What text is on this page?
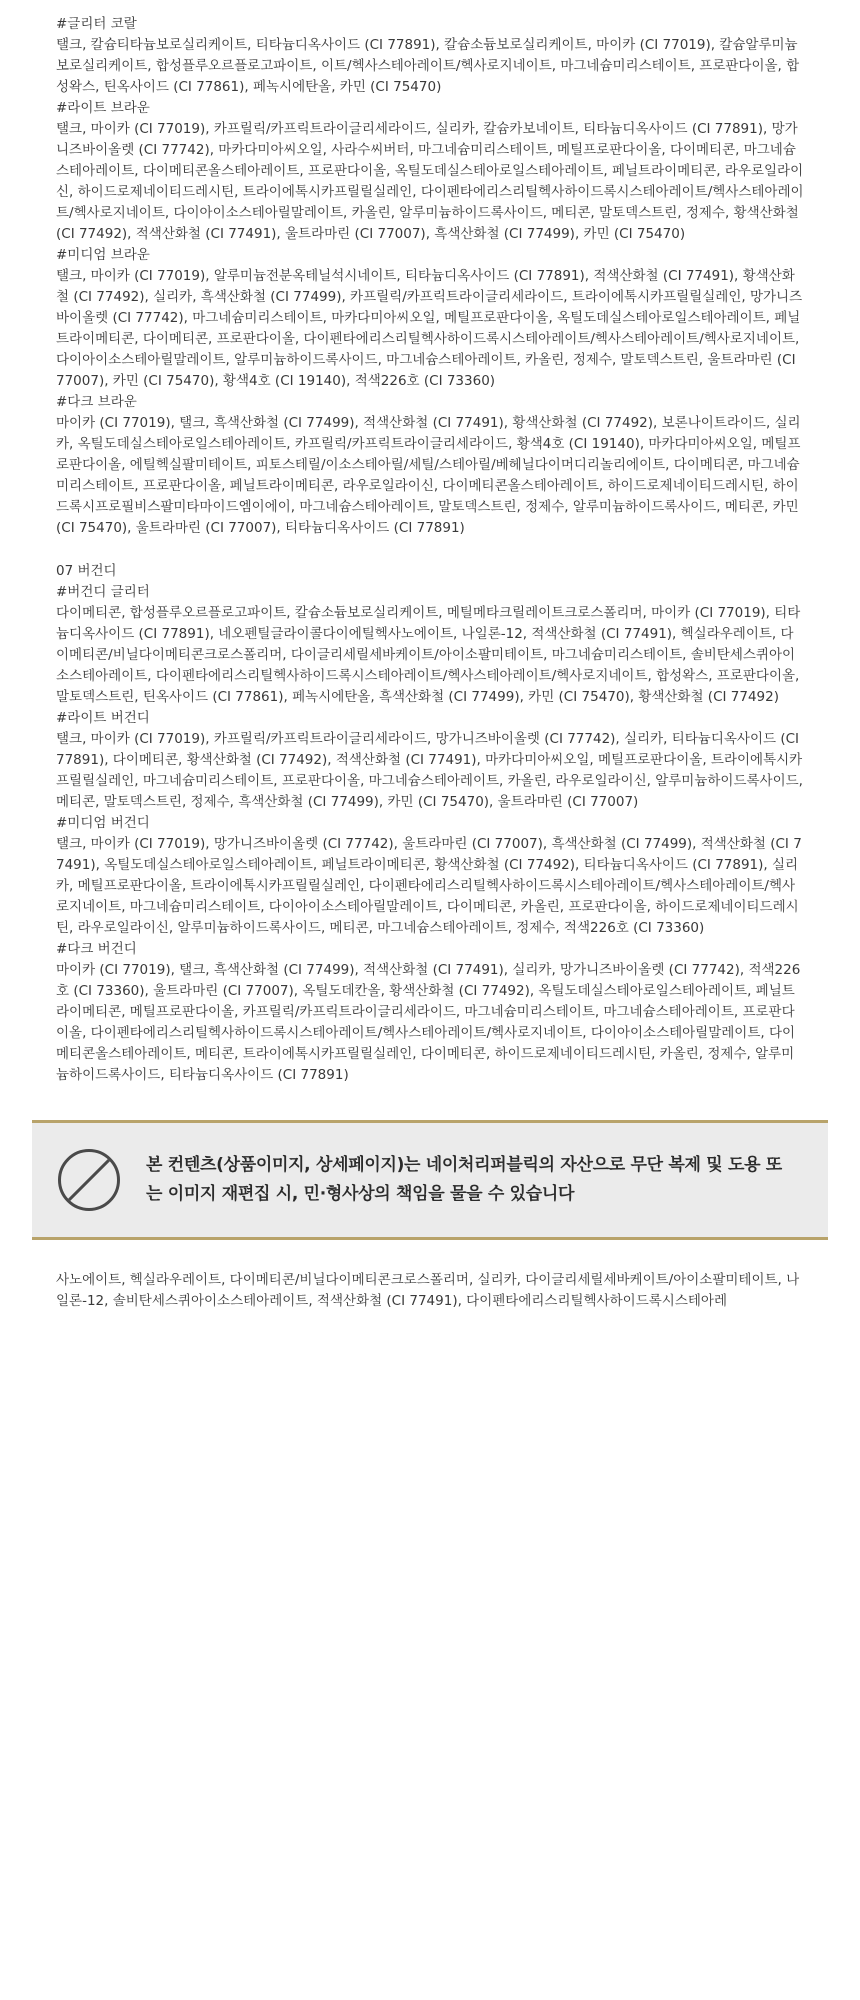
#글리터 코랄
탤크, 칼슘티타늄보로실리케이트, 티타늄디옥사이드 (CI 77891), 칼슘소듐보로실리케이트, 마이카 (CI 77019), 칼슘알루미늄보로실리케이트, 합성플루오르플로고파이트, 이트/헥사스테아레이트/헥사로지네이트, 마그네슘미리스테이트, 프로판다이올, 합성왁스, 틴옥사이드 (CI 77861), 페녹시에탄올, 카민 (CI 75470)
#라이트 브라운
탤크, 마이카 (CI 77019), 카프릴릭/카프릭트라이글리세라이드, 실리카, 칼슘카보네이트, 티타늄디옥사이드 (CI 77891), 망가니즈바이올렛 (CI 77742), 마카다미아씨오일, 사라수씨버터, 마그네슘미리스테이트, 메틸프로판다이올, 다이메티콘, 마그네슘스테아레이트, 다이메티콘올스테아레이트, 프로판다이올, 옥틸도데실스테아로일스테아레이트, 페닐트라이메티콘, 라우로일라이신, 하이드로제네이티드레시틴, 트라이에톡시카프릴릴실레인, 다이펜타에리스리틸헥사하이드록시스테아레이트/헥사스테아레이트/헥사로지네이트, 다이아이소스테아릴말레이트, 카올린, 알루미늄하이드록사이드, 메티콘, 말토덱스트린, 정제수, 황색산화철 (CI 77492), 적색산화철 (CI 77491), 울트라마린 (CI 77007), 흑색산화철 (CI 77499), 카민 (CI 75470)
#미디엄 브라운
탤크, 마이카 (CI 77019), 알루미늄전분옥테닐석시네이트, 티타늄디옥사이드 (CI 77891), 적색산화철 (CI 77491), 황색산화철 (CI 77492), 실리카, 흑색산화철 (CI 77499), 카프릴릭/카프릭트라이글리세라이드, 트라이에톡시카프릴릴실레인, 망가니즈바이올렛 (CI 77742), 마그네슘미리스테이트, 마카다미아씨오일, 메틸프로판다이올, 옥틸도데실스테아로일스테아레이트, 페닐트라이메티콘, 다이메티콘, 프로판다이올, 다이펜타에리스리틸헥사하이드록시스테아레이트/헥사스테아레이트/헥사로지네이트, 다이아이소스테아릴말레이트, 알루미늄하이드록사이드, 마그네슘스테아레이트, 카올린, 정제수, 말토덱스트린, 울트라마린 (CI 77007), 카민 (CI 75470), 황색4호 (CI 19140), 적색226호 (CI 73360)
#다크 브라운
마이카 (CI 77019), 탤크, 흑색산화철 (CI 77499), 적색산화철 (CI 77491), 황색산화철 (CI 77492), 보론나이트라이드, 실리카, 옥틸도데실스테아로일스테아레이트, 카프릴릭/카프릭트라이글리세라이드, 황색4호 (CI 19140), 마카다미아씨오일, 메틸프로판다이올, 에틸헥실팔미테이트, 피토스테릴/이소스테아릴/세틸/스테아릴/베헤닐다이머디리놀리에이트, 다이메티콘, 마그네슘미리스테이트, 프로판다이올, 페닐트라이메티콘, 라우로일라이신, 다이메티콘올스테아레이트, 하이드로제네이티드레시틴, 하이드록시프로필비스팔미타마이드엠이에이, 마그네슘스테아레이트, 말토덱스트린, 정제수, 알루미늄하이드록사이드, 메티콘, 카민 (CI 75470), 울트라마린 (CI 77007), 티타늄디옥사이드 (CI 77891)
07 버건디
#버건디 글리터
다이메티콘, 합성플루오르플로고파이트, 칼슘소듐보로실리케이트, 메틸메타크릴레이트크로스폴리머, 마이카 (CI 77019), 티타늄디옥사이드 (CI 77891), 네오펜틸글라이콜다이에틸헥사노에이트, 나일론-12, 적색산화철 (CI 77491), 헥실라우레이트, 다이메티콘/비닐다이메티콘크로스폴리머, 다이글리세릴세바케이트/아이소팔미테이트, 마그네슘미리스테이트, 솔비탄세스퀴아이소스테아레이트, 다이펜타에리스리틸헥사하이드록시스테아레이트/헥사스테아레이트/헥사로지네이트, 합성왁스, 프로판다이올, 말토덱스트린, 틴옥사이드 (CI 77861), 페녹시에탄올, 흑색산화철 (CI 77499), 카민 (CI 75470), 황색산화철 (CI 77492)
#라이트 버건디
탤크, 마이카 (CI 77019), 카프릴릭/카프릭트라이글리세라이드, 망가니즈바이올렛 (CI 77742), 실리카, 티타늄디옥사이드 (CI 77891), 다이메티콘, 황색산화철 (CI 77492), 적색산화철 (CI 77491), 마카다미아씨오일, 메틸프로판다이올, 트라이에톡시카프릴릴실레인, 마그네슘미리스테이트, 프로판다이올, 마그네슘스테아레이트, 카올린, 라우로일라이신, 알루미늄하이드록사이드, 메티콘, 말토덱스트린, 정제수, 흑색산화철 (CI 77499), 카민 (CI 75470), 울트라마린 (CI 77007)
#미디엄 버건디
탤크, 마이카 (CI 77019), 망가니즈바이올렛 (CI 77742), 울트라마린 (CI 77007), 흑색산화철 (CI 77499), 적색산화철 (CI 77491), 옥틸도데실스테아로일스테아레이트, 페닐트라이메티콘, 황색산화철 (CI 77492), 티타늄디옥사이드 (CI 77891), 실리카, 메틸프로판다이올, 트라이에톡시카프릴릴실레인, 다이펜타에리스리틸헥사하이드록시스테아레이트/헥사스테아레이트/헥사로지네이트, 마그네슘미리스테이트, 다이아이소스테아릴말레이트, 다이메티콘, 카올린, 프로판다이올, 하이드로제네이티드레시틴, 라우로일라이신, 알루미늄하이드록사이드, 메티콘, 마그네슘스테아레이트, 정제수, 적색226호 (CI 73360)
#다크 버건디
마이카 (CI 77019), 탤크, 흑색산화철 (CI 77499), 적색산화철 (CI 77491), 실리카, 망가니즈바이올렛 (CI 77742), 적색226호 (CI 73360), 울트라마린 (CI 77007), 옥틸도데칸올, 황색산화철 (CI 77492), 옥틸도데실스테아로일스테아레이트, 페닐트라이메티콘, 메틸프로판다이올, 카프릴릭/카프릭트라이글리세라이드, 마그네슘미리스테이트, 마그네슘스테아레이트, 프로판다이올, 다이펜타에리스리틸헥사하이드록시스테아레이트/헥사스테아레이트/헥사로지네이트, 다이아이소스테아릴말레이트, 다이메티콘올스테아레이트, 메티콘, 트라이에톡시카프릴릴실레인, 다이메티콘, 하이드로제네이티드레시틴, 카올린, 정제수, 알루미늄하이드록사이드, 티타늄디옥사이드 (CI 77891)
본 컨텐츠(상품이미지, 상세페이지)는 네이처리퍼블릭의 자산으로 무단 복제 및 도용 또는 이미지 재편집 시, 민·형사상의 책임을 물을 수 있습니다
사노에이트, 헥실라우레이트, 다이메티콘/비닐다이메티콘크로스폴리머, 실리카, 다이글리세릴세바케이트/아이소팔미테이트, 나일론-12, 솔비탄세스퀴아이소스테아레이트, 적색산화철 (CI 77491), 다이펜타에리스리틸헥사하이드록시스테아레
